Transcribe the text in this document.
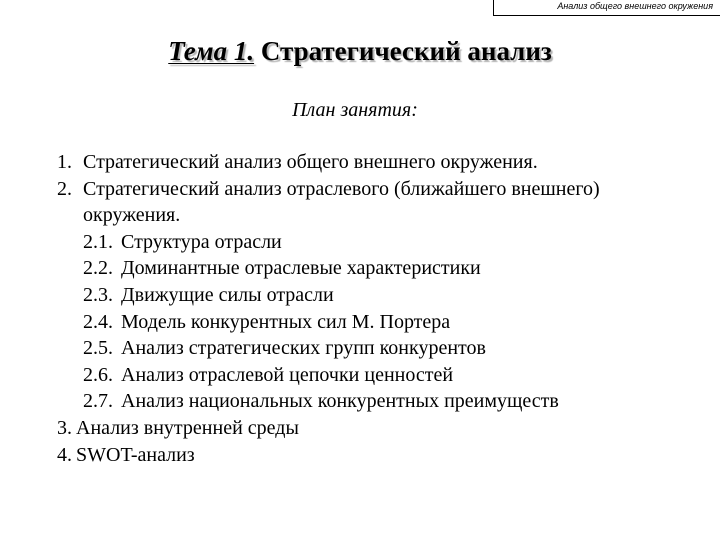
Анализ общего внешнего окружения
Тема 1. Стратегический анализ
План занятия:
1. Стратегический анализ общего внешнего окружения.
2. Стратегический анализ отраслевого (ближайшего внешнего)
окружения.
2.1. Структура отрасли
2.2. Доминантные отраслевые характеристики
2.3. Движущие силы отрасли
2.4. Модель конкурентных сил М. Портера
2.5. Анализ стратегических групп конкурентов
2.6. Анализ отраслевой цепочки ценностей
2.7. Анализ национальных конкурентных преимуществ
3. Анализ внутренней среды
4. SWOT-анализ
